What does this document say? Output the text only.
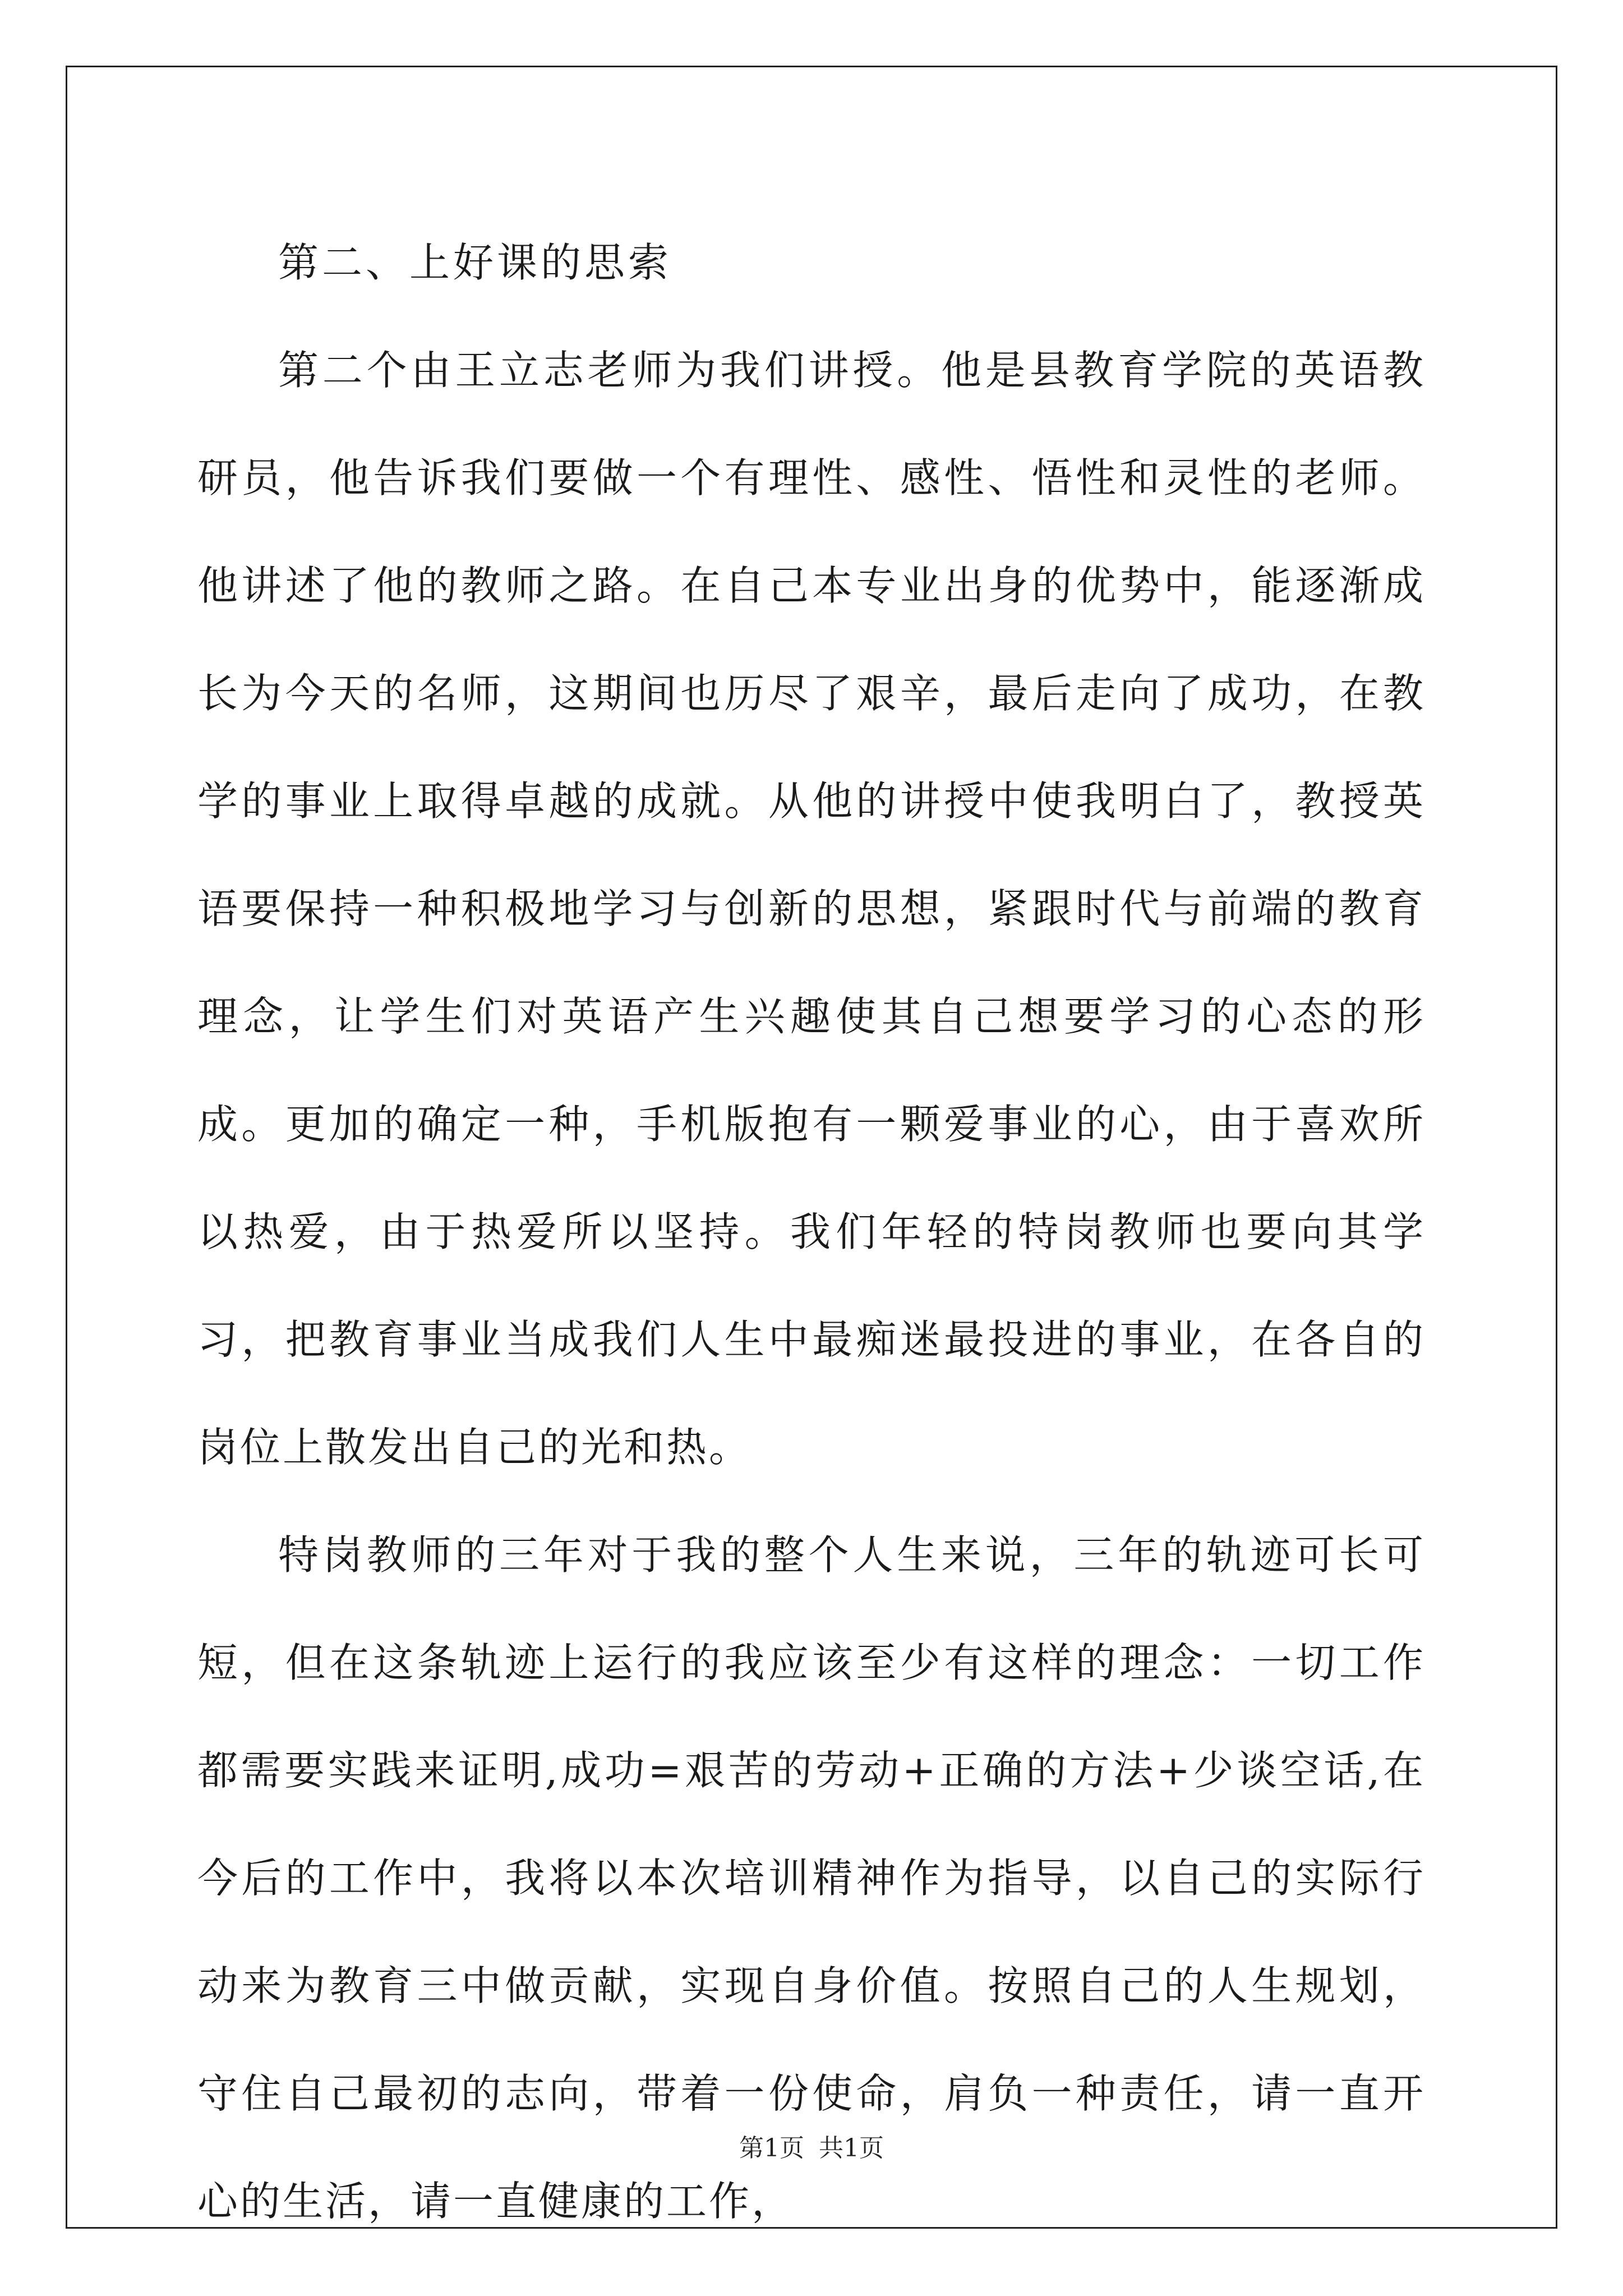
第二、上好课的思索

第二个由王立志老师为我们讲授。他是县教育学院的英语教研员，他告诉我们要做一个有理性、感性、悟性和灵性的老师。他讲述了他的教师之路。在自己本专业出身的优势中，能逐渐成长为今天的名师，这期间也历尽了艰辛，最后走向了成功，在教学的事业上取得卓越的成就。从他的讲授中使我明白了，教授英语要保持一种积极地学习与创新的思想，紧跟时代与前端的教育理念，让学生们对英语产生兴趣使其自己想要学习的心态的形成。更加的确定一种，手机版抱有一颗爱事业的心，由于喜欢所以热爱，由于热爱所以坚持。我们年轻的特岗教师也要向其学习，把教育事业当成我们人生中最痴迷最投进的事业，在各自的岗位上散发出自己的光和热。

特岗教师的三年对于我的整个人生来说，三年的轨迹可长可短，但在这条轨迹上运行的我应该至少有这样的理念：一切工作都需要实践来证明,成功=艰苦的劳动+正确的方法+少谈空话,在今后的工作中，我将以本次培训精神作为指导，以自己的实际行动来为教育三中做贡献，实现自身价值。按照自己的人生规划，守住自己最初的志向，带着一份使命，肩负一种责任，请一直开心的生活，请一直健康的工作，

第1页 共1页
